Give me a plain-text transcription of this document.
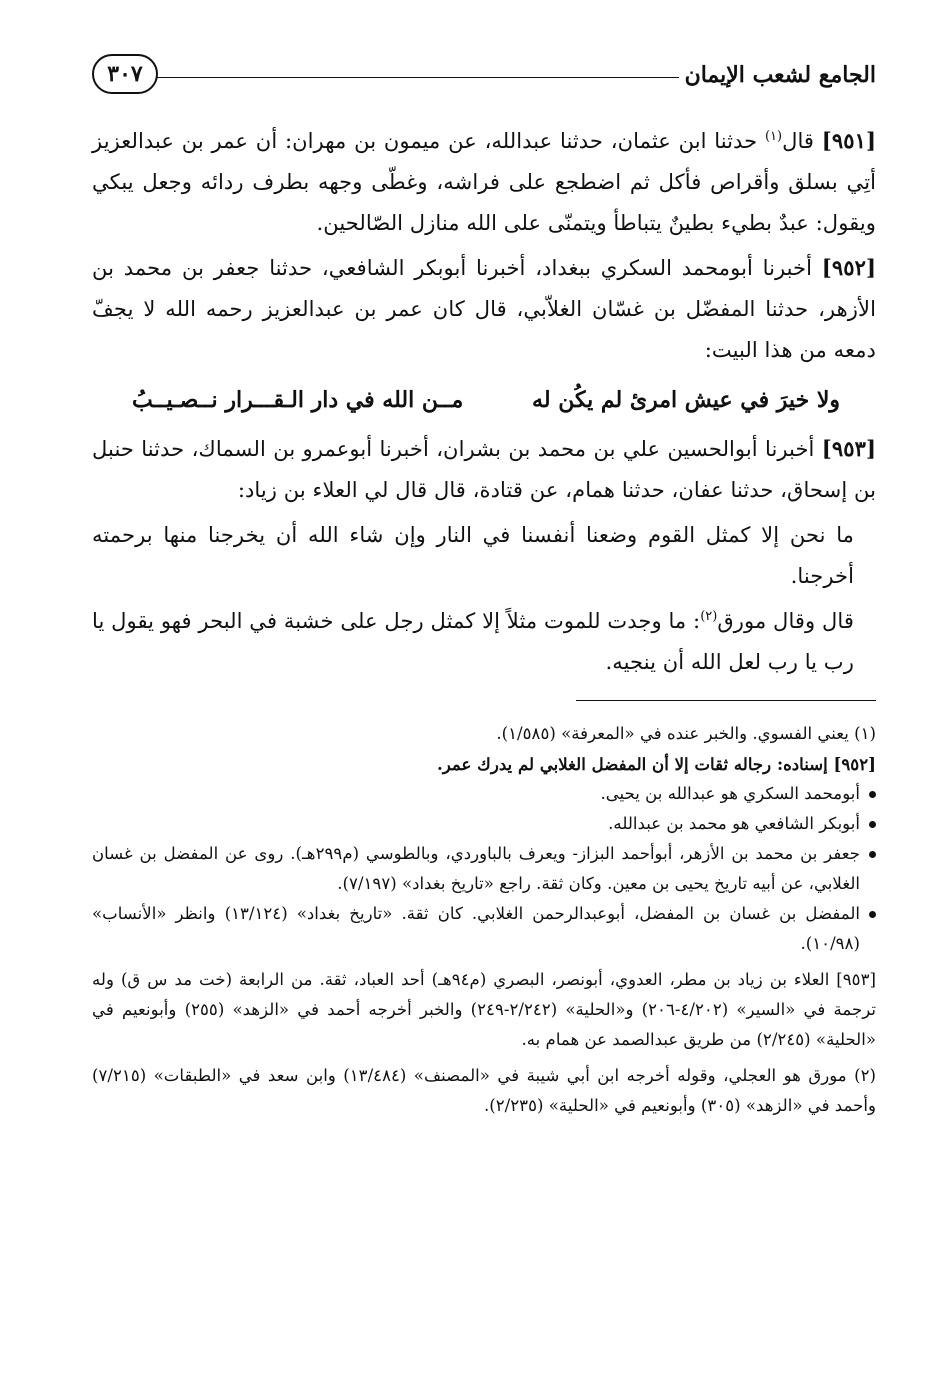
الجامع لشعب الإيمان
٣٠٧

[٩٥١] قال$^{(١)}$ حدثنا ابن عثمان، حدثنا عبدالله، عن ميمون بن مهران: أن عمر بن عبدالعزيز أتِي بسلق وأقراص فأكل ثم اضطجع على فراشه، وغطّى وجهه بطرف ردائه وجعل يبكي ويقول: عبدٌ بطيء بطينٌ يتباطأ ويتمنّى على الله منازل الصّالحين.

[٩٥٢] أخبرنا أبومحمد السكري ببغداد، أخبرنا أبوبكر الشافعي، حدثنا جعفر بن محمد بن الأزهر، حدثنا المفضّل بن غسّان الغلاّبي، قال كان عمر بن عبدالعزيز رحمه الله لا يجفّ دمعه من هذا البيت:

ولا خيرَ في عيش امرئ لم يكُن له
مــن الله في دار الـقـــرار نــصـيــبُ

[٩٥٣] أخبرنا أبوالحسين علي بن محمد بن بشران، أخبرنا أبوعمرو بن السماك، حدثنا حنبل بن إسحاق، حدثنا عفان، حدثنا همام، عن قتادة، قال قال لي العلاء بن زياد:

ما نحن إلا كمثل القوم وضعنا أنفسنا في النار وإن شاء الله أن يخرجنا منها برحمته أخرجنا.

قال وقال مورق$^{(٢)}$: ما وجدت للموت مثلاً إلا كمثل رجل على خشبة في البحر فهو يقول يا رب يا رب لعل الله أن ينجيه.

(١) يعني الفسوي. والخبر عنده في «المعرفة» (١/٥٨٥).

[٩٥٢] إسناده: رجاله ثقات إلا أن المفضل الغلابي لم يدرك عمر.

أبومحمد السكري هو عبدالله بن يحيى.
أبوبكر الشافعي هو محمد بن عبدالله.
جعفر بن محمد بن الأزهر، أبوأحمد البزاز- ويعرف بالباوردي، وبالطوسي (م٢٩٩هـ). روى عن المفضل بن غسان الغلابي، عن أبيه تاريخ يحيى بن معين. وكان ثقة. راجع «تاريخ بغداد» (٧/١٩٧).
المفضل بن غسان بن المفضل، أبوعبدالرحمن الغلابي. كان ثقة. «تاريخ بغداد» (١٣/١٢٤) وانظر «الأنساب» (١٠/٩٨).

[٩٥٣] العلاء بن زياد بن مطر، العدوي، أبونصر، البصري (م٩٤هـ) أحد العباد، ثقة. من الرابعة (خت مد س ق) وله ترجمة في «السير» (٤/٢٠٢-٢٠٦) و«الحلية» (٢/٢٤٢-٢٤٩) والخبر أخرجه أحمد في «الزهد» (٢٥٥) وأبونعيم في «الحلية» (٢/٢٤٥) من طريق عبدالصمد عن همام به.

(٢) مورق هو العجلي، وقوله أخرجه ابن أبي شيبة في «المصنف» (١٣/٤٨٤) وابن سعد في «الطبقات» (٧/٢١٥) وأحمد في «الزهد» (٣٠٥) وأبونعيم في «الحلية» (٢/٢٣٥).
